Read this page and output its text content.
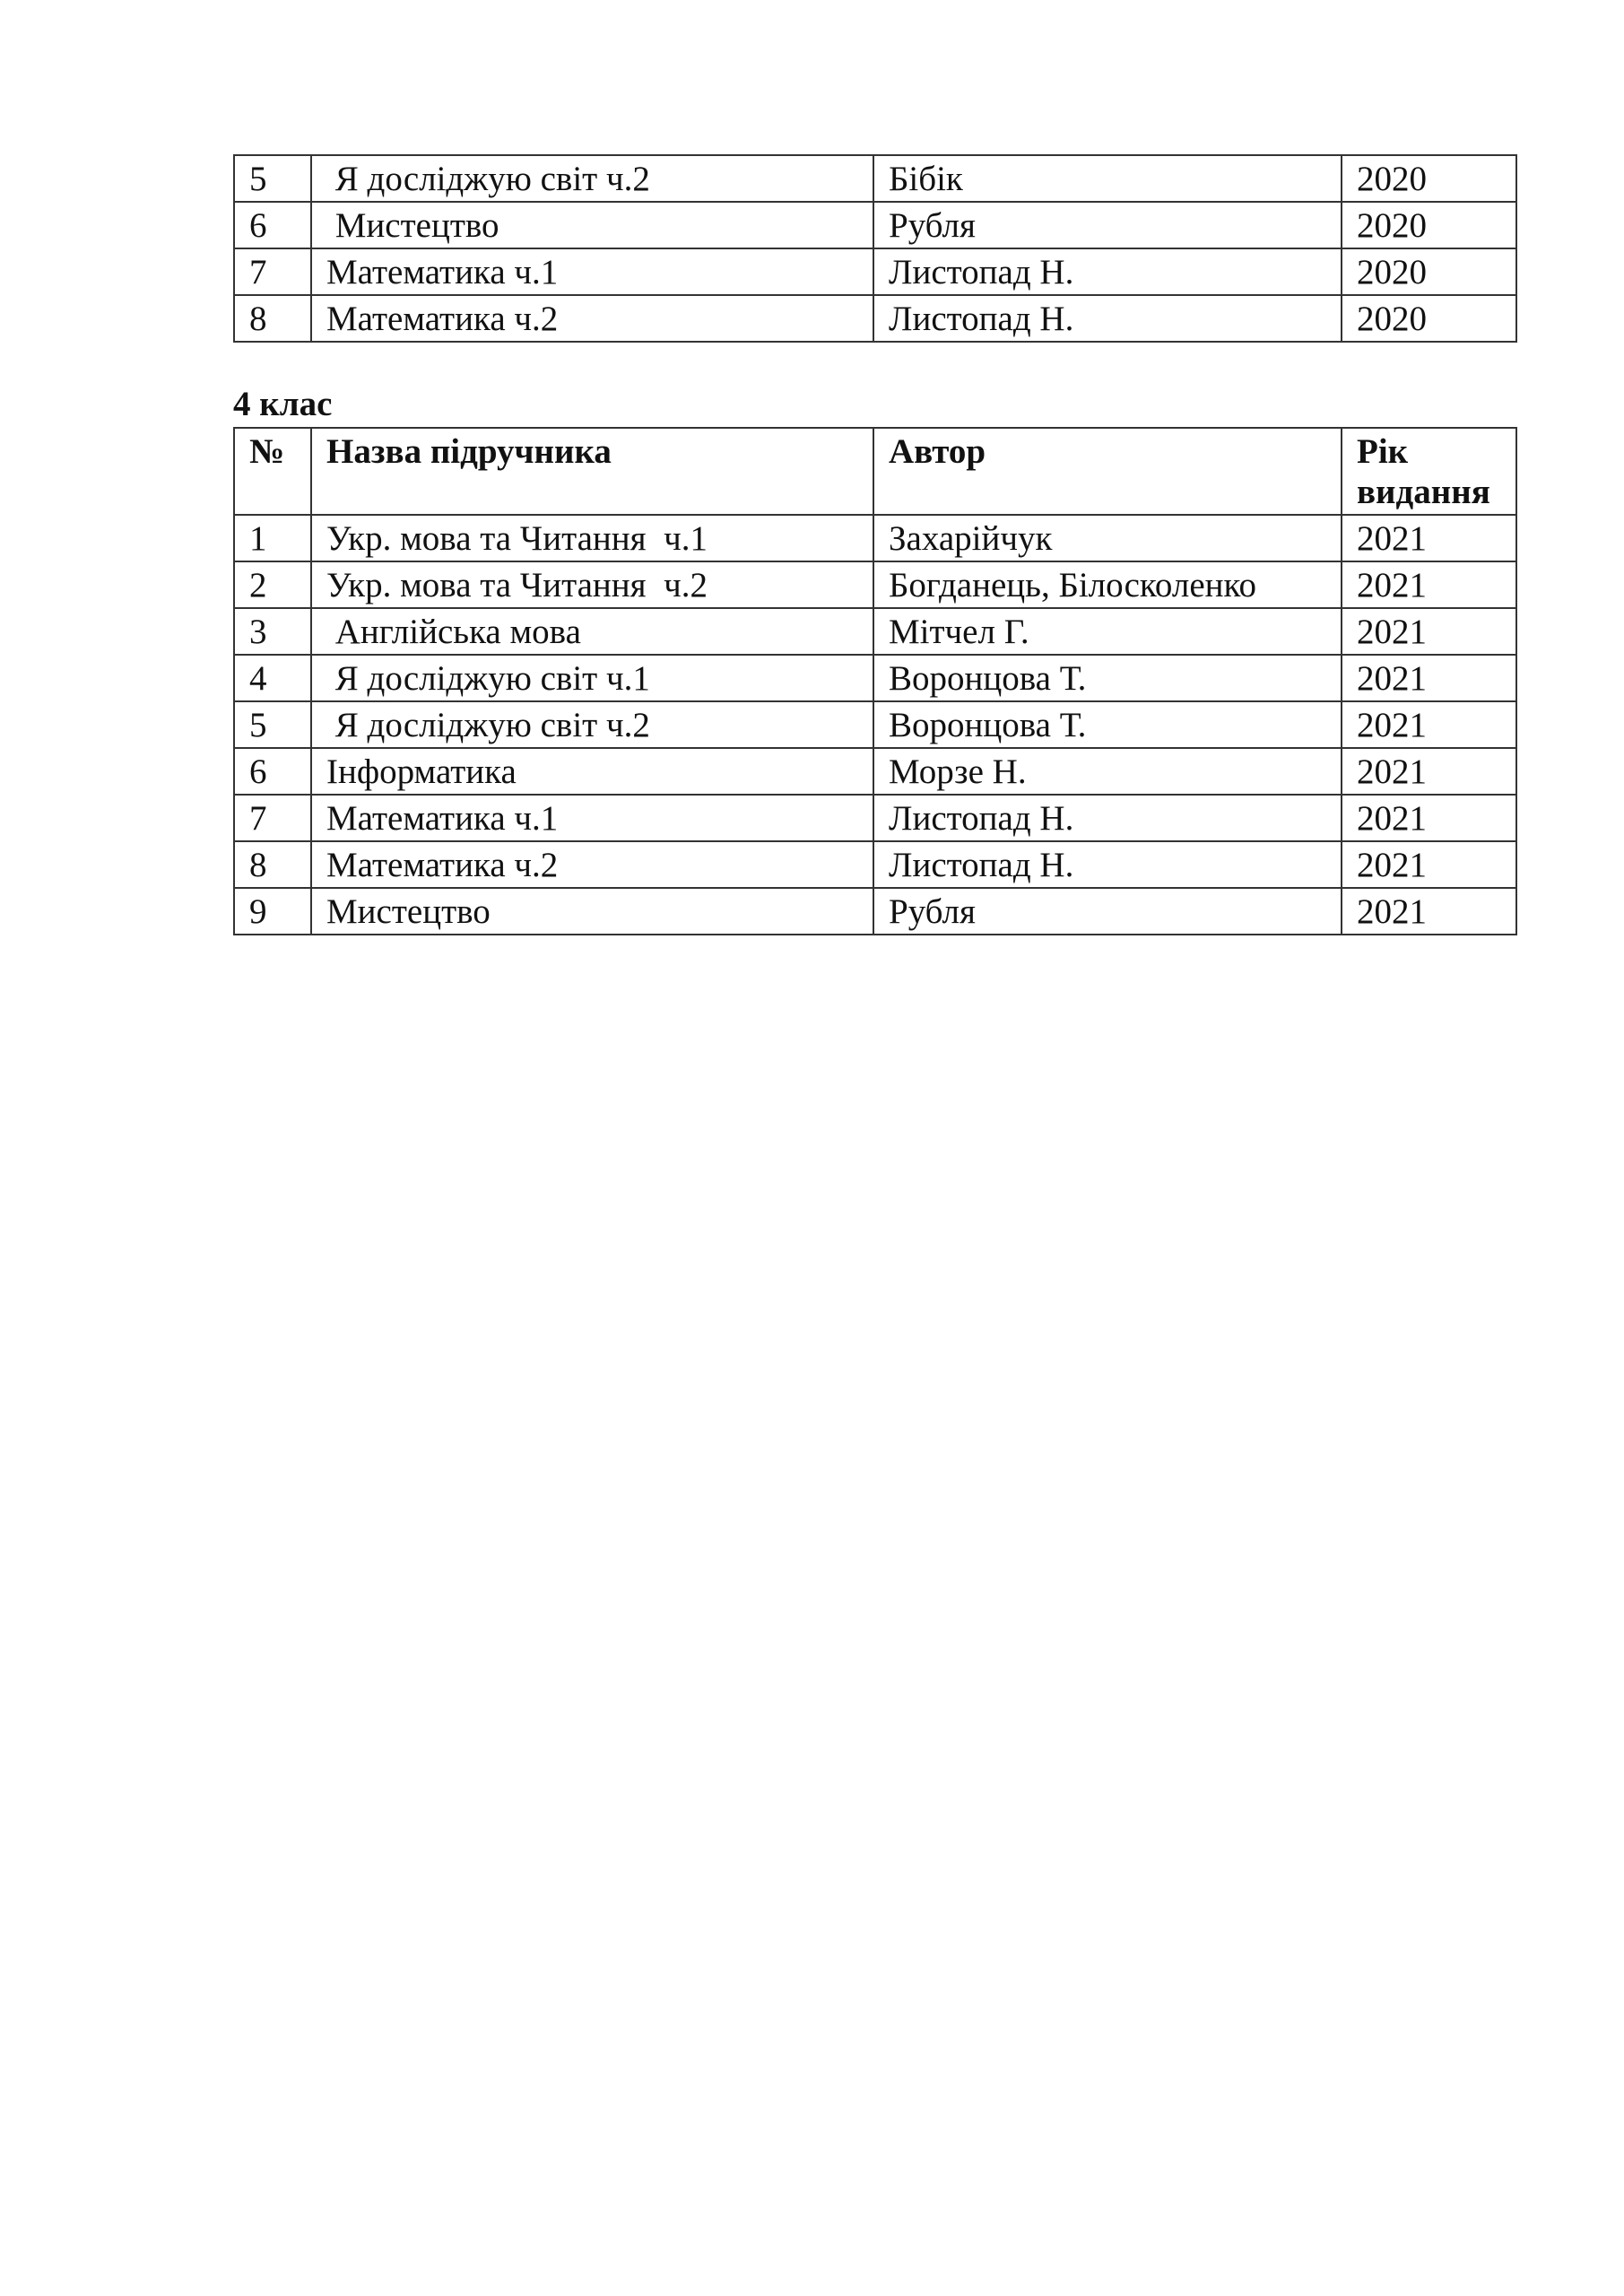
5	Я досліджую світ ч.2	Бібік	2020
6	Мистецтво	Рубля	2020
7	Математика ч.1	Листопад Н.	2020
8	Математика ч.2	Листопад Н.	2020
4 клас
№	Назва підручника	Автор	Рік видання
1	Укр. мова та Читання  ч.1	Захарійчук	2021
2	Укр. мова та Читання  ч.2	Богданець, Білосколенко	2021
3	Англійська мова	Мітчел Г.	2021
4	Я досліджую світ ч.1	Воронцова Т.	2021
5	Я досліджую світ ч.2	Воронцова Т.	2021
6	Інформатика	Морзе Н.	2021
7	Математика ч.1	Листопад Н.	2021
8	Математика ч.2	Листопад Н.	2021
9	Мистецтво	Рубля	2021
